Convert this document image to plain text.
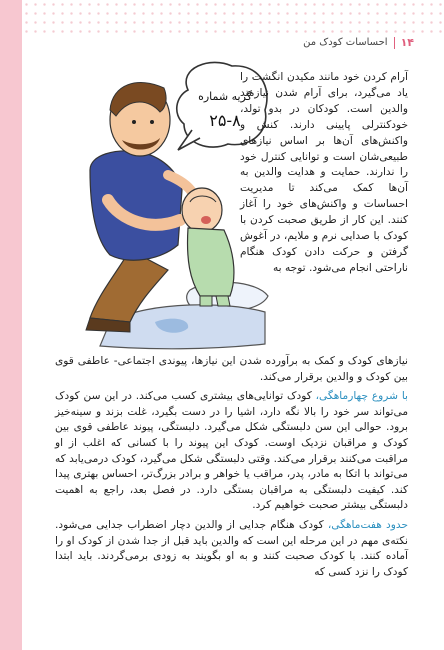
۱۴
احساسات کودک من
گریه شماره
۲۵-۸
آرام کردن خود مانند مکیدن انگشت را یاد می‌گیرد، برای آرام شدن نیازمند والدین است. کودکان در بدو تولد، خودکنترلی پایینی دارند. کنش و واکنش‌های آن‌ها بر اساس نیازهای طبیعی‌شان است و توانایی کنترل خود را ندارند. حمایت و هدایت والدین به آن‌ها کمک می‌کند تا مدیریت احساسات و واکنش‌های خود را آغاز کنند. این کار از طریق صحبت کردن با کودک با صدایی نرم و ملایم، در آغوش گرفتن و حرکت دادن کودک هنگام ناراحتی انجام می‌شود. توجه به

نیازهای کودک و کمک به برآورده شدن این نیازها، پیوندی اجتماعی- عاطفی قوی بین کودک و والدین برقرار می‌کند.

با شروع چهارماهگی، کودک توانایی‌های بیشتری کسب می‌کند. در این سن کودک می‌تواند سر خود را بالا نگه دارد، اشیا را در دست بگیرد، غلت بزند و سینه‌خیز برود. حوالی این سن دلبستگی شکل می‌گیرد. دلبستگی، پیوند عاطفی قوی بین کودک و مراقبان نزدیک اوست. کودک این پیوند را با کسانی که اغلب از او مراقبت می‌کنند برقرار می‌کند. وقتی دلبستگی شکل می‌گیرد، کودک درمی‌یابد که می‌تواند با اتکا به مادر، پدر، مراقب یا خواهر و برادر بزرگ‌تر، احساس بهتری پیدا کند. کیفیت دلبستگی به مراقبان بستگی دارد. در فصل بعد، راجع به اهمیت دلبستگی بیشتر صحبت خواهیم کرد.

حدود هفت‌ماهگی، کودک هنگام جدایی از والدین دچار اضطراب جدایی می‌شود. نکته‌ی مهم در این مرحله این است که والدین باید قبل از جدا شدن از کودک او را آماده کنند. با کودک صحبت کنند و به او بگویند به زودی برمی‌گردند. باید ابتدا کودک را نزد کسی که
